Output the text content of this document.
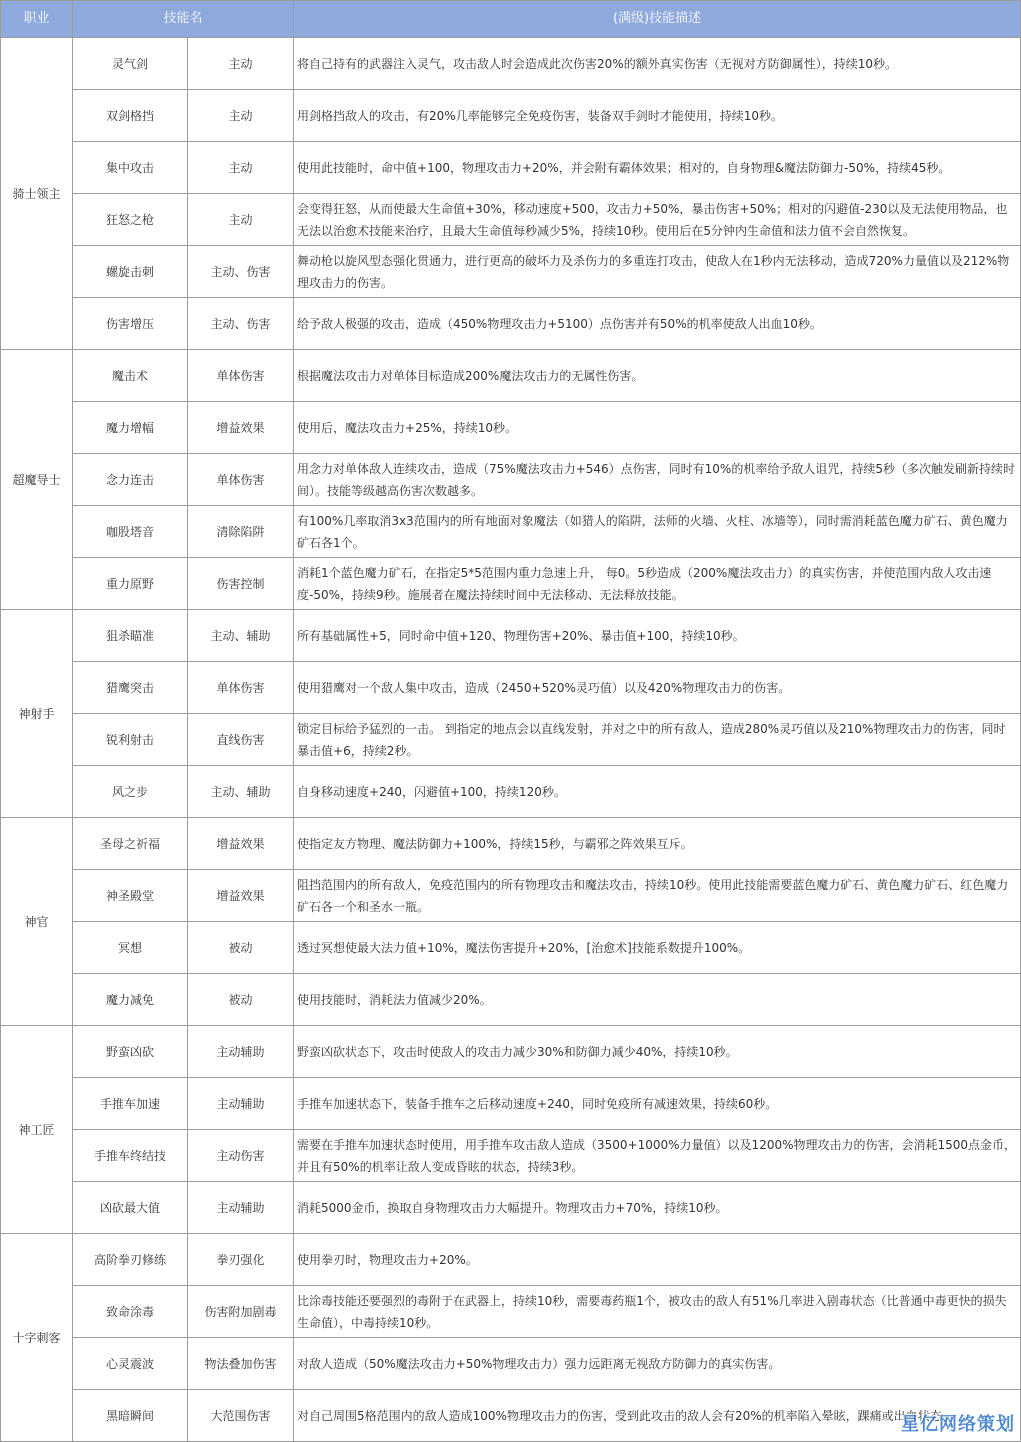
职业	技能名		(满级)技能描述
骑士领主	灵气剑	主动	将自己持有的武器注入灵气，攻击敌人时会造成此次伤害20%的额外真实伤害（无视对方防御属性），持续10秒。
	双剑格挡	主动	用剑格挡敌人的攻击，有20%几率能够完全免疫伤害，装备双手剑时才能使用，持续10秒。
	集中攻击	主动	使用此技能时，命中值+100，物理攻击力+20%，并会附有霸体效果；相对的，自身物理&魔法防御力-50%，持续45秒。
	狂怒之枪	主动	会变得狂怒，从而使最大生命值+30%，移动速度+500，攻击力+50%，暴击伤害+50%；相对的闪避值-230以及无法使用物品，也无法以治愈术技能来治疗，且最大生命值每秒减少5%，持续10秒。使用后在5分钟内生命值和法力值不会自然恢复。
	螺旋击刺	主动、伤害	舞动枪以旋风型态强化贯通力，进行更高的破坏力及杀伤力的多重连打攻击，使敌人在1秒内无法移动，造成720%力量值以及212%物理攻击力的伤害。
	伤害增压	主动、伤害	给予敌人极强的攻击，造成（450%物理攻击力+5100）点伤害并有50%的机率使敌人出血10秒。
超魔导士	魔击术	单体伤害	根据魔法攻击力对单体目标造成200%魔法攻击力的无属性伤害。
	魔力增幅	增益效果	使用后，魔法攻击力+25%，持续10秒。
	念力连击	单体伤害	用念力对单体敌人连续攻击，造成（75%魔法攻击力+546）点伤害，同时有10%的机率给予敌人诅咒，持续5秒（多次触发刷新持续时间）。技能等级越高伤害次数越多。
	咖股塔音	清除陷阱	有100%几率取消3x3范围内的所有地面对象魔法（如猎人的陷阱，法师的火墙、火柱、冰墙等），同时需消耗蓝色魔力矿石、黄色魔力矿石各1个。
	重力原野	伤害控制	消耗1个蓝色魔力矿石，在指定5*5范围内重力急速上升， 每0。5秒造成（200%魔法攻击力）的真实伤害，并使范围内敌人攻击速度-50%，持续9秒。施展者在魔法持续时间中无法移动、无法释放技能。
神射手	狙杀瞄准	主动、辅助	所有基础属性+5，同时命中值+120、物理伤害+20%、暴击值+100，持续10秒。
	猎鹰突击	单体伤害	使用猎鹰对一个敌人集中攻击，造成（2450+520%灵巧值）以及420%物理攻击力的伤害。
	锐利射击	直线伤害	锁定目标给予猛烈的一击。 到指定的地点会以直线发射，并对之中的所有敌人，造成280%灵巧值以及210%物理攻击力的伤害，同时暴击值+6，持续2秒。
	风之步	主动、辅助	自身移动速度+240，闪避值+100，持续120秒。
神官	圣母之祈福	增益效果	使指定友方物理、魔法防御力+100%，持续15秒，与霸邪之阵效果互斥。
	神圣殿堂	增益效果	阻挡范围内的所有敌人，免疫范围内的所有物理攻击和魔法攻击，持续10秒。使用此技能需要蓝色魔力矿石、黄色魔力矿石、红色魔力矿石各一个和圣水一瓶。
	冥想	被动	透过冥想使最大法力值+10%，魔法伤害提升+20%，[治愈术]技能系数提升100%。
	魔力减免	被动	使用技能时，消耗法力值减少20%。
神工匠	野蛮凶砍	主动辅助	野蛮凶砍状态下，攻击时使敌人的攻击力减少30%和防御力减少40%，持续10秒。
	手推车加速	主动辅助	手推车加速状态下，装备手推车之后移动速度+240，同时免疫所有减速效果，持续60秒。
	手推车终结技	主动伤害	需要在手推车加速状态时使用，用手推车攻击敌人造成（3500+1000%力量值）以及1200%物理攻击力的伤害，会消耗1500点金币，并且有50%的机率让敌人变成昏眩的状态，持续3秒。
	凶砍最大值	主动辅助	消耗5000金币，换取自身物理攻击力大幅提升。物理攻击力+70%，持续10秒。
十字刺客	高阶拳刃修练	拳刃强化	使用拳刃时，物理攻击力+20%。
	致命涂毒	伤害附加剧毒	比涂毒技能还要强烈的毒附于在武器上，持续10秒，需要毒药瓶1个，被攻击的敌人有51%几率进入剧毒状态（比普通中毒更快的损失生命值），中毒持续10秒。
	心灵震波	物法叠加伤害	对敌人造成（50%魔法攻击力+50%物理攻击力）强力远距离无视敌方防御力的真实伤害。
	黑暗瞬间	大范围伤害	对自己周围5格范围内的敌人造成100%物理攻击力的伤害，受到此攻击的敌人会有20%的机率陷入晕眩，踝痛或出血状态。
星亿网络策划
